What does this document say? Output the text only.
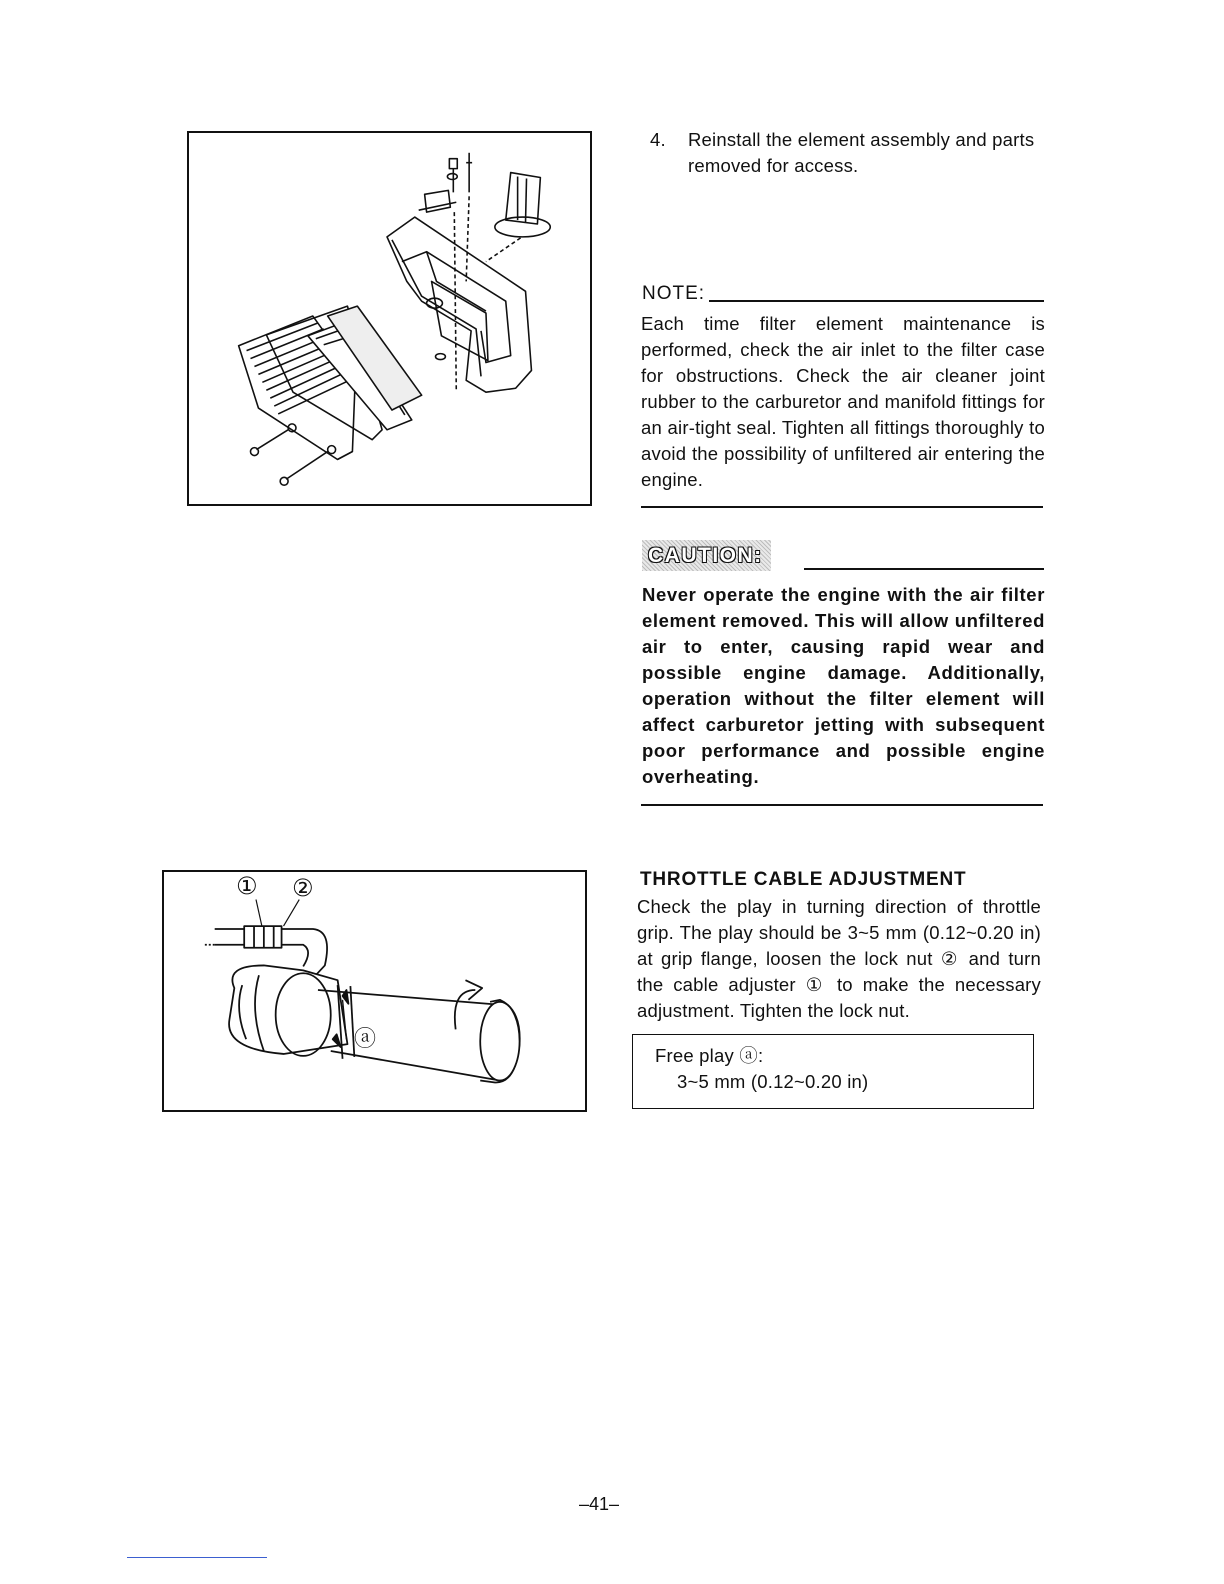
① ②
ⓐ
4. Reinstall the element assembly and parts removed for access.
NOTE:
Each time filter element maintenance is performed, check the air inlet to the filter case for obstructions. Check the air cleaner joint rubber to the carburetor and manifold fittings for an air-tight seal. Tighten all fittings thoroughly to avoid the possibility of unfiltered air entering the engine.
CAUTION:
Never operate the engine with the air filter element removed. This will allow unfiltered air to enter, causing rapid wear and possible engine damage. Additionally, operation without the filter element will affect carburetor jetting with subsequent poor performance and possible engine overheating.
THROTTLE CABLE ADJUSTMENT
Check the play in turning direction of throttle grip. The play should be 3~5 mm (0.12~0.20 in) at grip flange, loosen the lock nut ② and turn the cable adjuster ① to make the necessary adjustment. Tighten the lock nut.
Free play ⓐ:
3~5 mm (0.12~0.20 in)
–41–
